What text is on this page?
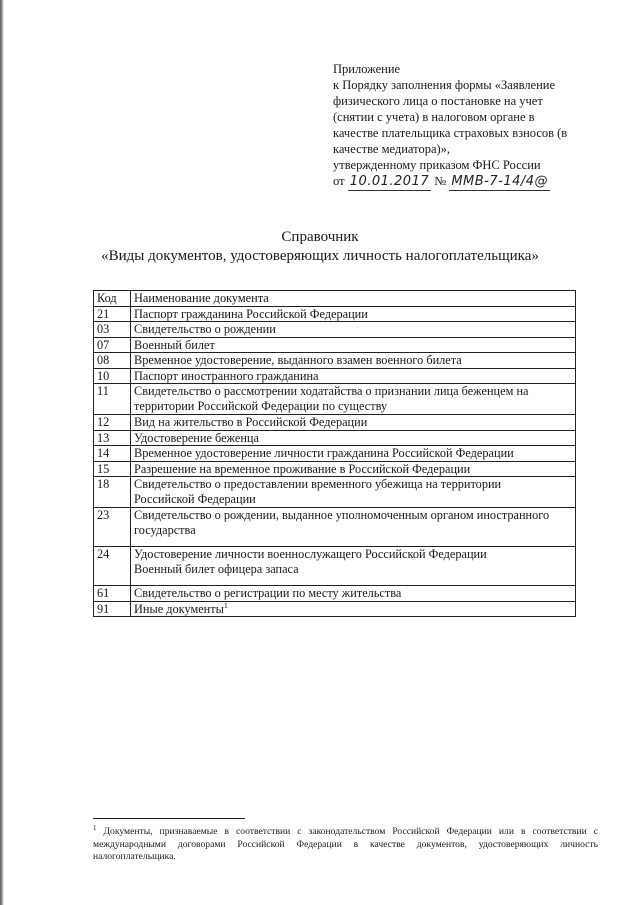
Приложение
к Порядку заполнения формы «Заявление
физического лица о постановке на учет
(снятии с учета) в налоговом органе в
качестве плательщика страховых взносов (в
качестве медиатора)»,
утвержденному приказом ФНС России
от 10.01.2017 № ММВ-7-14/4@
Справочник
«Виды документов, удостоверяющих личность налогоплательщика»
Код	Наименование документа
21	Паспорт гражданина Российской Федерации
03	Свидетельство о рождении
07	Военный билет
08	Временное удостоверение, выданного взамен военного билета
10	Паспорт иностранного гражданина
11	Свидетельство о рассмотрении ходатайства о признании лица беженцем на
территории Российской Федерации по существу

12	Вид на жительство в Российской Федерации
13	Удостоверение беженца
14	Временное удостоверение личности гражданина Российской Федерации
15	Разрешение на временное проживание в Российской Федерации
18	Свидетельство о предоставлении временного убежища на территории
Российской Федерации

23	Свидетельство о рождении, выданное уполномоченным органом иностранного
государства

24	Удостоверение личности военнослужащего Российской Федерации
Военный билет офицера запаса

61	Свидетельство о регистрации по месту жительства
91	Иные документы$^1$
$^1$ Документы, признаваемые в соответствии с законодательством Российской Федерации или в соответствии с международными договорами Российской Федерации в качестве документов, удостоверяющих личность налогоплательщика.
